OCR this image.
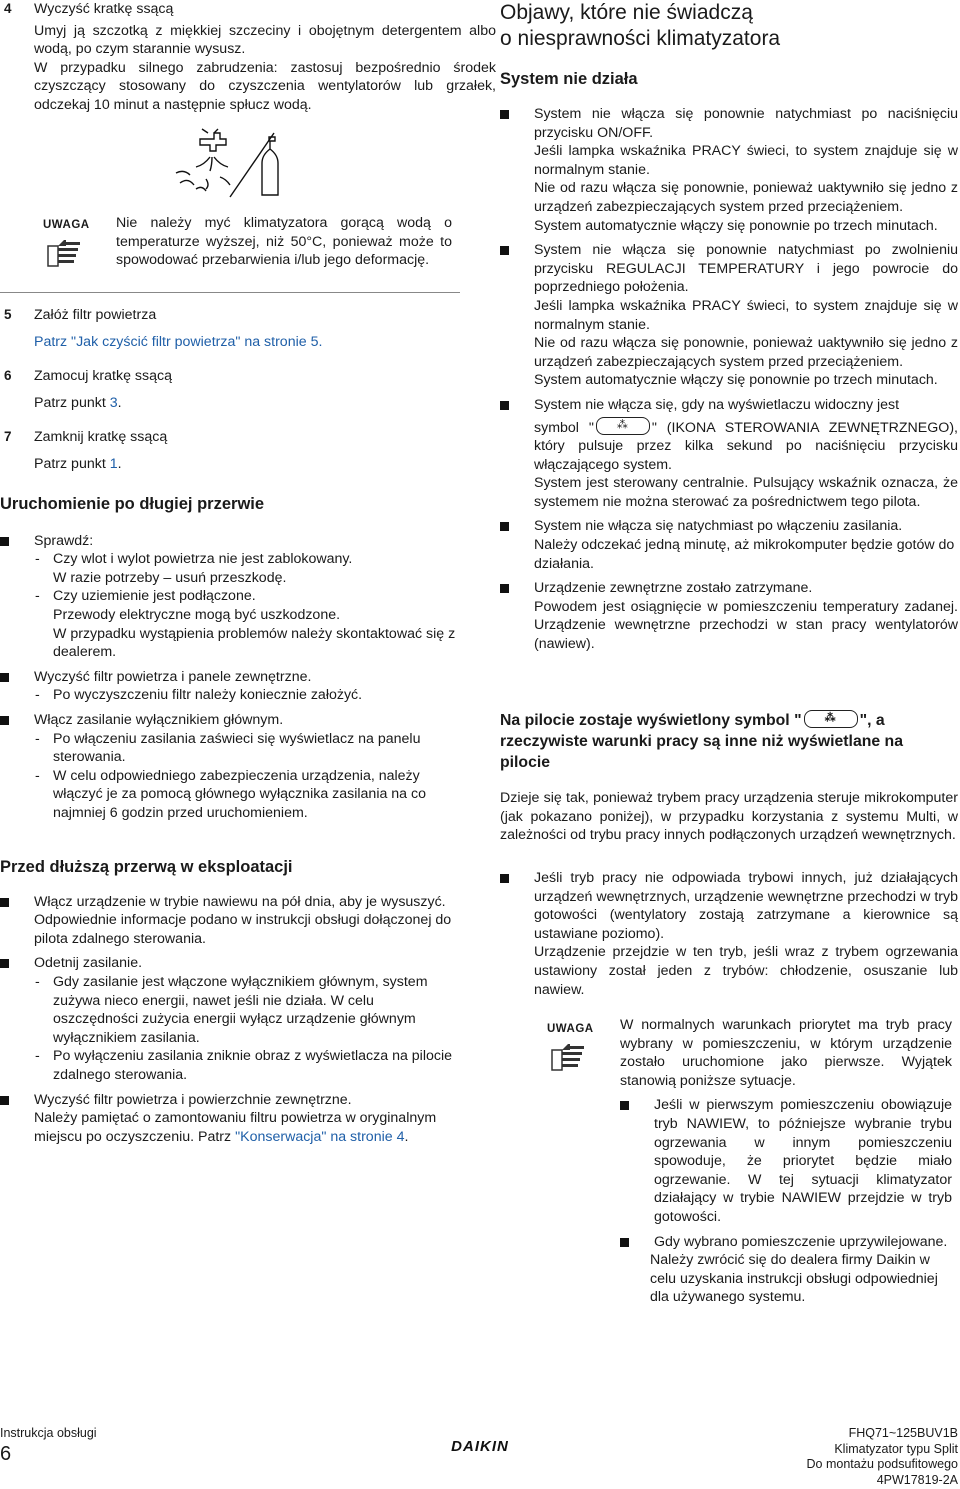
4 Wyczyść kratkę ssącą

Umyj ją szczotką z miękkiej szczeciny i obojętnym detergentem albo wodą, po czym starannie wysusz.

W przypadku silnego zabrudzenia: zastosuj bezpośrednio środek czyszczący stosowany do czyszczenia wentylatorów lub grzałek, odczekaj 10 minut a następnie spłucz wodą.

UWAGA Nie należy myć klimatyzatora gorącą wodą o temperaturze wyższej, niż 50°C, ponieważ może to spowodować przebarwienia i/lub jego deformację.

5 Załóż filtr powietrza

Patrz "Jak czyścić filtr powietrza" na stronie 5.

6 Zamocuj kratkę ssącą

Patrz punkt 3.

7 Zamknij kratkę ssącą

Patrz punkt 1.

Uruchomienie po długiej przerwie

Sprawdź:

- Czy wlot i wylot powietrza nie jest zablokowany.

W razie potrzeby – usuń przeszkodę.

- Czy uziemienie jest podłączone.

Przewody elektryczne mogą być uszkodzone.

W przypadku wystąpienia problemów należy skontaktować się z dealerem.

Wyczyść filtr powietrza i panele zewnętrzne.

- Po wyczyszczeniu filtr należy koniecznie założyć.

Włącz zasilanie wyłącznikiem głównym.

- Po włączeniu zasilania zaświeci się wyświetlacz na panelu sterowania.

- W celu odpowiedniego zabezpieczenia urządzenia, należy włączyć je za pomocą głównego wyłącznika zasilania na co najmniej 6 godzin przed uruchomieniem.

Przed dłuższą przerwą w eksploatacji

Włącz urządzenie w trybie nawiewu na pół dnia, aby je wysuszyć.

Odpowiednie informacje podano w instrukcji obsługi dołączonej do pilota zdalnego sterowania.

Odetnij zasilanie.

- Gdy zasilanie jest włączone wyłącznikiem głównym, system zużywa nieco energii, nawet jeśli nie działa. W celu oszczędności zużycia energii wyłącz urządzenie głównym wyłącznikiem zasilania.

- Po wyłączeniu zasilania zniknie obraz z wyświetlacza na pilocie zdalnego sterowania.

Wyczyść filtr powietrza i powierzchnie zewnętrzne.

Należy pamiętać o zamontowaniu filtru powietrza w oryginalnym miejscu po oczyszczeniu. Patrz "Konserwacja" na stronie 4.

Objawy, które nie świadczą

o niesprawności klimatyzatora

System nie działa

System nie włącza się ponownie natychmiast po naciśnięciu przycisku ON/OFF.

Jeśli lampka wskaźnika PRACY świeci, to system znajduje się w normalnym stanie.

Nie od razu włącza się ponownie, ponieważ uaktywniło się jedno z urządzeń zabezpieczających system przed przeciążeniem.

System automatycznie włączy się ponownie po trzech minutach.

System nie włącza się ponownie natychmiast po zwolnieniu przycisku REGULACJI TEMPERATURY i jego powrocie do poprzedniego położenia.

Jeśli lampka wskaźnika PRACY świeci, to system znajduje się w normalnym stanie.

Nie od razu włącza się ponownie, ponieważ uaktywniło się jedno z urządzeń zabezpieczających system przed przeciążeniem.

System automatycznie włączy się ponownie po trzech minutach.

System nie włącza się, gdy na wyświetlaczu widoczny jest

symbol " ⁂ " (IKONA STEROWANIA ZEWNĘTRZNEGO), który pulsuje przez kilka sekund po naciśnięciu przycisku włączającego system.

System jest sterowany centralnie. Pulsujący wskaźnik oznacza, że systemem nie można sterować za pośrednictwem tego pilota.

System nie włącza się natychmiast po włączeniu zasilania.

Należy odczekać jedną minutę, aż mikrokomputer będzie gotów do działania.

Urządzenie zewnętrzne zostało zatrzymane.

Powodem jest osiągnięcie w pomieszczeniu temperatury zadanej. Urządzenie wewnętrzne przechodzi w stan pracy wentylatorów (nawiew).

Na pilocie zostaje wyświetlony symbol " ⁂ ", a rzeczywiste warunki pracy są inne niż wyświetlane na pilocie

Dzieje się tak, ponieważ trybem pracy urządzenia steruje mikrokomputer (jak pokazano poniżej), w przypadku korzystania z systemu Multi, w zależności od trybu pracy innych podłączonych urządzeń wewnętrznych.

Jeśli tryb pracy nie odpowiada trybowi innych, już działających urządzeń wewnętrznych, urządzenie wewnętrzne przechodzi w tryb gotowości (wentylatory zostają zatrzymane a kierownice są ustawiane poziomo).

Urządzenie przejdzie w ten tryb, jeśli wraz z trybem ogrzewania ustawiony został jeden z trybów: chłodzenie, osuszanie lub nawiew.

UWAGA W normalnych warunkach priorytet ma tryb pracy wybrany w pomieszczeniu, w którym urządzenie zostało uruchomione jako pierwsze. Wyjątek stanowią poniższe sytuacje.

Jeśli w pierwszym pomieszczeniu obowiązuje tryb NAWIEW, to późniejsze wybranie trybu ogrzewania w innym pomieszczeniu spowoduje, że priorytet będzie miało ogrzewanie. W tej sytuacji klimatyzator działający w trybie NAWIEW przejdzie w tryb gotowości.

Gdy wybrano pomieszczenie uprzywilejowane.

Należy zwrócić się do dealera firmy Daikin w celu uzyskania instrukcji obsługi odpowiedniej dla używanego systemu.

Instrukcja obsługi
6	DAIKIN
FHQ71~125BUV1B
Klimatyzator typu Split
Do montażu podsufitowego
4PW17819-2A
